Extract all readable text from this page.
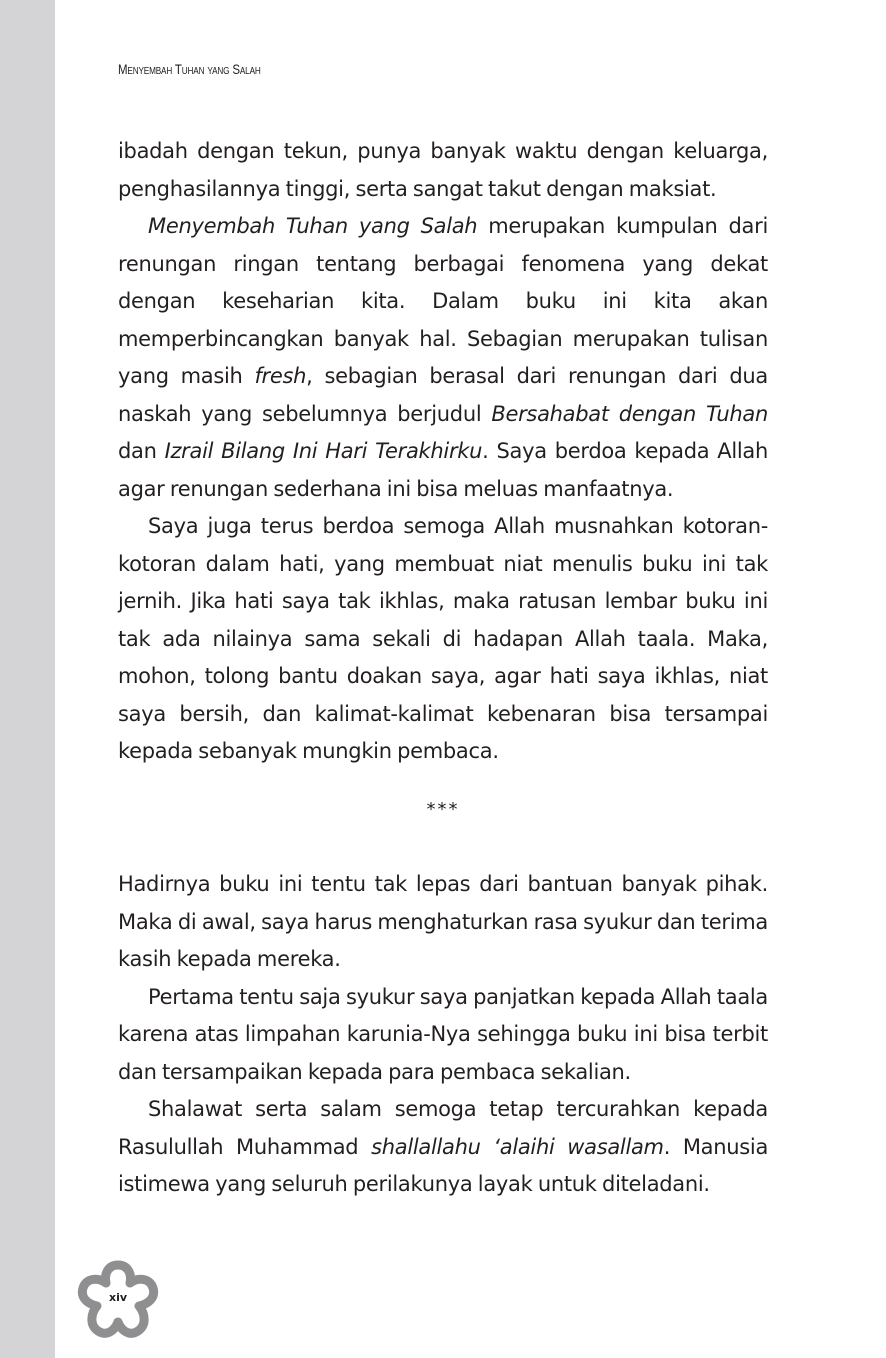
Menyembah Tuhan yang Salah

ibadah dengan tekun, punya banyak waktu dengan keluarga, penghasilannya tinggi, serta sangat takut dengan maksiat.

Menyembah Tuhan yang Salah merupakan kumpulan dari renungan ringan tentang berbagai fenomena yang dekat dengan keseharian kita. Dalam buku ini kita akan memperbincangkan banyak hal. Sebagian merupakan tulisan yang masih fresh, sebagian berasal dari renungan dari dua naskah yang sebelumnya berjudul Bersahabat dengan Tuhan dan Izrail Bilang Ini Hari Terakhirku. Saya berdoa kepada Allah agar renungan sederhana ini bisa meluas manfaatnya.

Saya juga terus berdoa semoga Allah musnahkan kotoran-kotoran dalam hati, yang membuat niat menulis buku ini tak jernih. Jika hati saya tak ikhlas, maka ratusan lembar buku ini tak ada nilainya sama sekali di hadapan Allah taala. Maka, mohon, tolong bantu doakan saya, agar hati saya ikhlas, niat saya bersih, dan kalimat-kalimat kebenaran bisa tersampai kepada sebanyak mungkin pembaca.

***

Hadirnya buku ini tentu tak lepas dari bantuan banyak pihak. Maka di awal, saya harus menghaturkan rasa syukur dan terima kasih kepada mereka.

Pertama tentu saja syukur saya panjatkan kepada Allah taala karena atas limpahan karunia-Nya sehingga buku ini bisa terbit dan tersampaikan kepada para pembaca sekalian.

Shalawat serta salam semoga tetap tercurahkan kepada Rasulullah Muhammad shallallahu ‘alaihi wasallam. Manusia istimewa yang seluruh perilakunya layak untuk diteladani.

xiv
